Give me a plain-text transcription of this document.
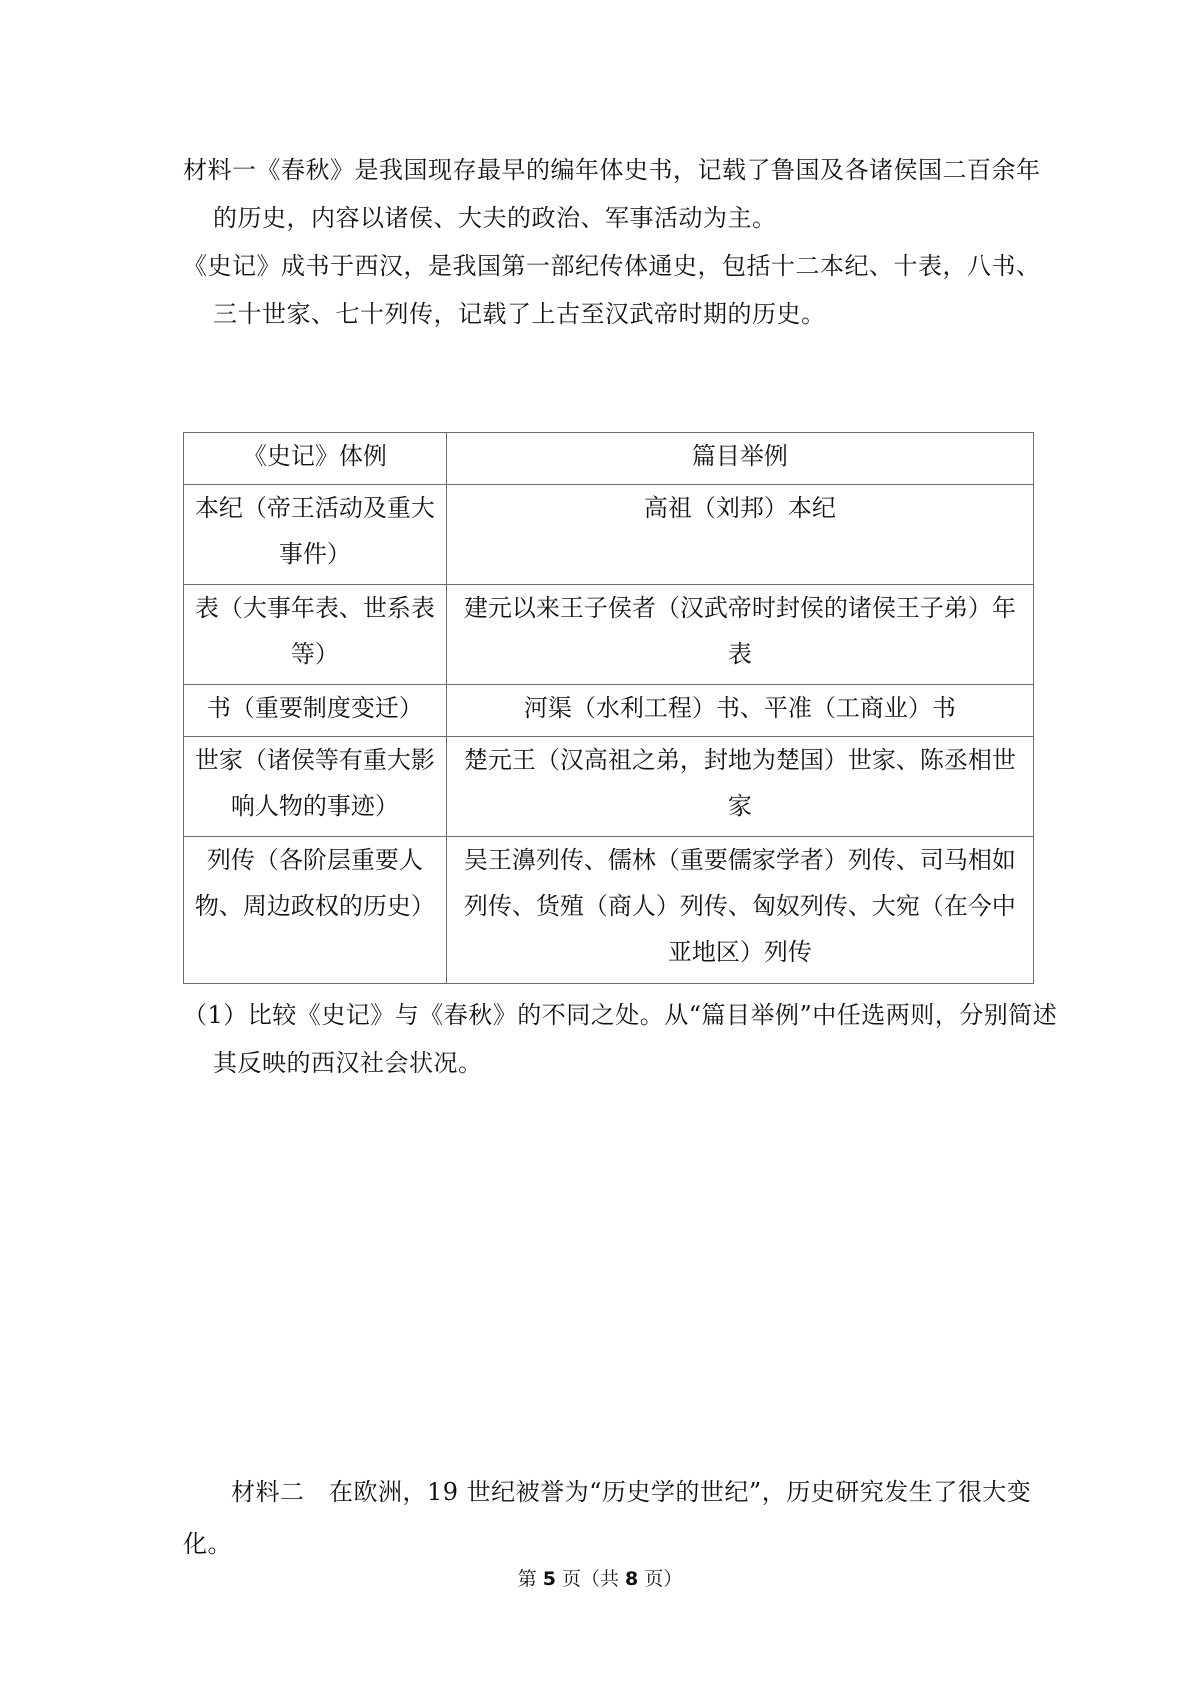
材料一《春秋》是我国现存最早的编年体史书，记载了鲁国及各诸侯国二百余年的历史，内容以诸侯、大夫的政治、军事活动为主。

《史记》成书于西汉，是我国第一部纪传体通史，包括十二本纪、十表，八书、三十世家、七十列传，记载了上古至汉武帝时期的历史。

《史记》体例	篇目举例
本纪（帝王活动及重大事件）	高祖（刘邦）本纪
表（大事年表、世系表等）	建元以来王子侯者（汉武帝时封侯的诸侯王子弟）年表
书（重要制度变迁）	河渠（水利工程）书、平准（工商业）书
世家（诸侯等有重大影响人物的事迹）	楚元王（汉高祖之弟，封地为楚国）世家、陈丞相世家
列传（各阶层重要人物、周边政权的历史）	吴王濞列传、儒林（重要儒家学者）列传、司马相如列传、货殖（商人）列传、匈奴列传、大宛（在今中亚地区）列传

（1）比较《史记》与《春秋》的不同之处。从“篇目举例”中任选两则，分别简述其反映的西汉社会状况。

材料二　在欧洲，19 世纪被誉为“历史学的世纪”，历史研究发生了很大变化。

第 5 页（共 8 页）
